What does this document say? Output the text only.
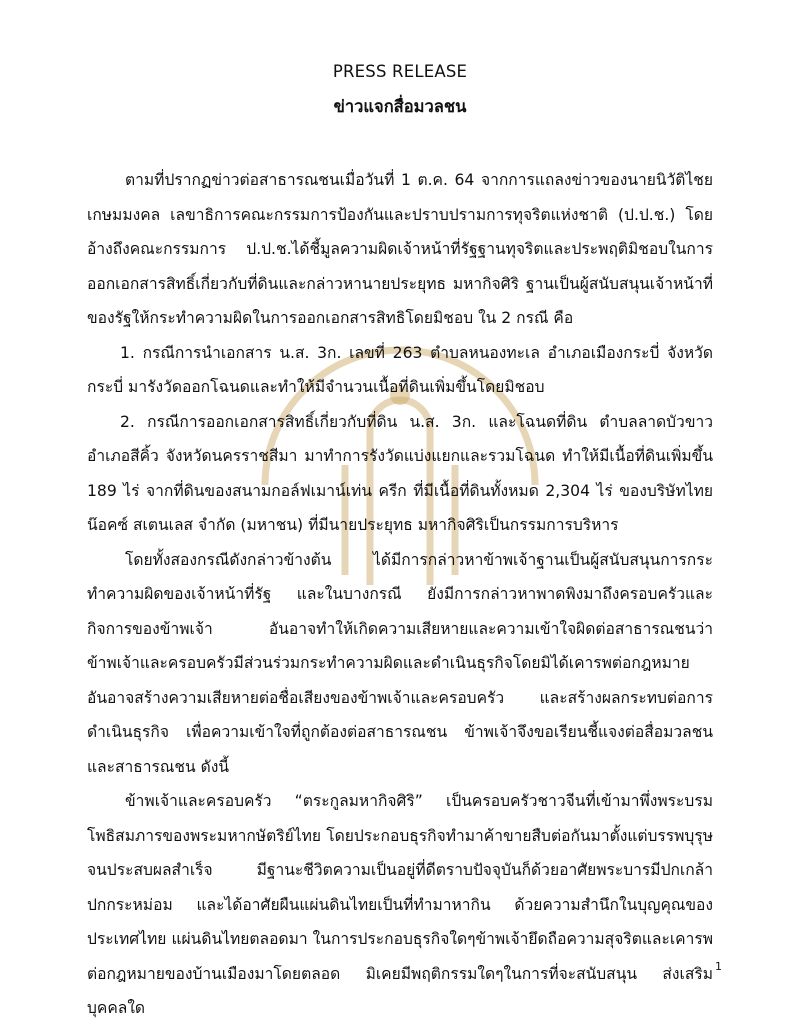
PRESS RELEASE
ข่าวแจกสื่อมวลชน

ตามที่ปรากฏข่าวต่อสาธารณชนเมื่อวันที่ 1 ต.ค. 64 จากการแถลงข่าวของนายนิวัติไชย เกษมมงคล เลขาธิการคณะกรรมการป้องกันและปราบปรามการทุจริตแห่งชาติ (ป.ป.ช.) โดยอ้างถึงคณะกรรมการ ป.ป.ช.ได้ชี้มูลความผิดเจ้าหน้าที่รัฐฐานทุจริตและประพฤติมิชอบในการออกเอกสารสิทธิ์เกี่ยวกับที่ดินและกล่าวหานายประยุทธ มหากิจศิริ ฐานเป็นผู้สนับสนุนเจ้าหน้าที่ของรัฐให้กระทำความผิดในการออกเอกสารสิทธิโดยมิชอบ ใน 2 กรณี คือ

1. กรณีการนำเอกสาร น.ส. 3ก. เลขที่ 263 ตำบลหนองทะเล อำเภอเมืองกระบี่ จังหวัดกระบี่ มารังวัดออกโฉนดและทำให้มีจำนวนเนื้อที่ดินเพิ่มขึ้นโดยมิชอบ

2. กรณีการออกเอกสารสิทธิ์เกี่ยวกับที่ดิน น.ส. 3ก. และโฉนดที่ดิน ตำบลลาดบัวขาว อำเภอสีคิ้ว จังหวัดนครราชสีมา มาทำการรังวัดแบ่งแยกและรวมโฉนด ทำให้มีเนื้อที่ดินเพิ่มขึ้น 189 ไร่ จากที่ดินของสนามกอล์ฟเมาน์เท่น ครีก ที่มีเนื้อที่ดินทั้งหมด 2,304 ไร่ ของบริษัทไทยน๊อคซ์ สเตนเลส จำกัด (มหาชน) ที่มีนายประยุทธ มหากิจศิริเป็นกรรมการบริหาร

โดยทั้งสองกรณีดังกล่าวข้างต้น ได้มีการกล่าวหาข้าพเจ้าฐานเป็นผู้สนับสนุนการกระทำความผิดของเจ้าหน้าที่รัฐ และในบางกรณี ยังมีการกล่าวหาพาดพิงมาถึงครอบครัวและกิจการของข้าพเจ้า อันอาจทำให้เกิดความเสียหายและความเข้าใจผิดต่อสาธารณชนว่าข้าพเจ้าและครอบครัวมีส่วนร่วมกระทำความผิดและดำเนินธุรกิจโดยมิได้เคารพต่อกฎหมาย อันอาจสร้างความเสียหายต่อชื่อเสียงของข้าพเจ้าและครอบครัว และสร้างผลกระทบต่อการดำเนินธุรกิจ เพื่อความเข้าใจที่ถูกต้องต่อสาธารณชน ข้าพเจ้าจึงขอเรียนชี้แจงต่อสื่อมวลชนและสาธารณชน ดังนี้

ข้าพเจ้าและครอบครัว “ตระกูลมหากิจศิริ” เป็นครอบครัวชาวจีนที่เข้ามาพึ่งพระบรมโพธิสมภารของพระมหากษัตริย์ไทย โดยประกอบธุรกิจทำมาค้าขายสืบต่อกันมาตั้งแต่บรรพบุรุษจนประสบผลสำเร็จ มีฐานะชีวิตความเป็นอยู่ที่ดีตราบปัจจุบันก็ด้วยอาศัยพระบารมีปกเกล้าปกกระหม่อม และได้อาศัยผืนแผ่นดินไทยเป็นที่ทำมาหากิน ด้วยความสำนึกในบุญคุณของประเทศไทย แผ่นดินไทยตลอดมา ในการประกอบธุรกิจใดๆข้าพเจ้ายึดถือความสุจริตและเคารพต่อกฎหมายของบ้านเมืองมาโดยตลอด มิเคยมีพฤติกรรมใดๆในการที่จะสนับสนุน ส่งเสริม บุคคลใด

1
